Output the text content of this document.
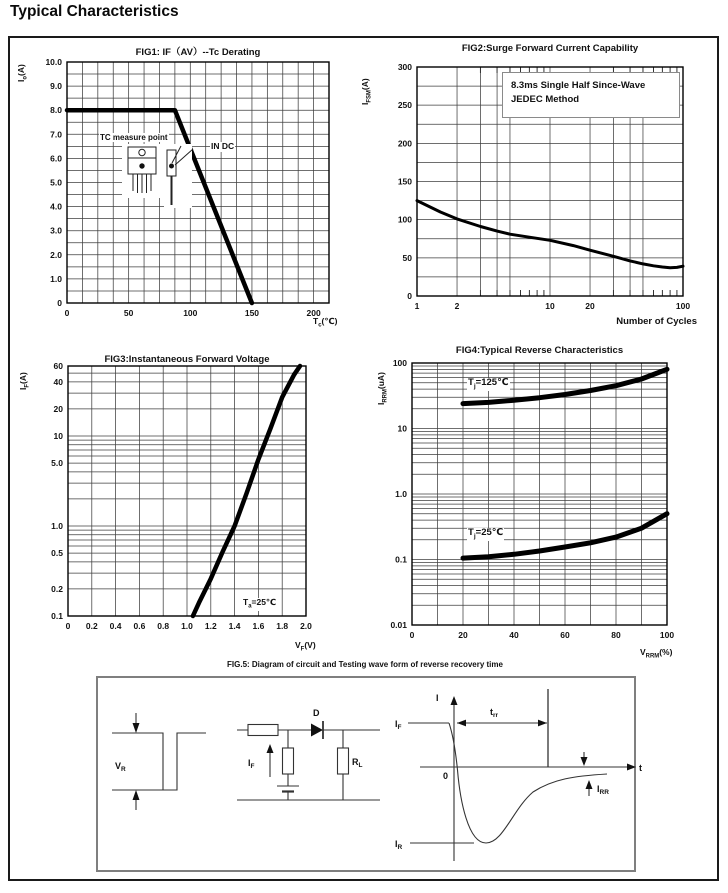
Typical Characteristics
0	50	100	150	200
10.0
9.0
8.0
7.0
6.0
5.0
4.0
3.0
2.0
1.0
0	1	2	10	20	100
300
250
200
150
100
50
0
0 0.2 0.4 0.6 0.8 1.0 1.2 1.4 1.6 1.8 2.0
60
40
20
10
5.0
1.0
0.5
0.2
0.1
0	20	40	60	80	100
100
10
1.0
0.1
0.01
$V_R$
D
$I_F$	$R_L$
I
t
0
$I_F$
$t_{rr}$
$I_R$
$I_{RR}$
FIG1: IF（AV）--Tc Derating	FIG2:Surge Forward Current Capability
FIG3:Instantaneous Forward Voltage
FIG4:Typical Reverse Characteristics
$I_o(A)$
$I_{FSM}(A)$
$I_F(A)$
$I_{RRM}(uA)$
$T_c(℃)$	Number of Cycles
$V_F(V)$
$V_{RRM}(\%)$
TC measure point
IN DC
8.3ms Single Half Since-Wave
JEDEC Method
$T_a=25℃$
$T_j=125℃$
$T_j=25℃$
FIG.5: Diagram of circuit and Testing wave form of reverse recovery time
